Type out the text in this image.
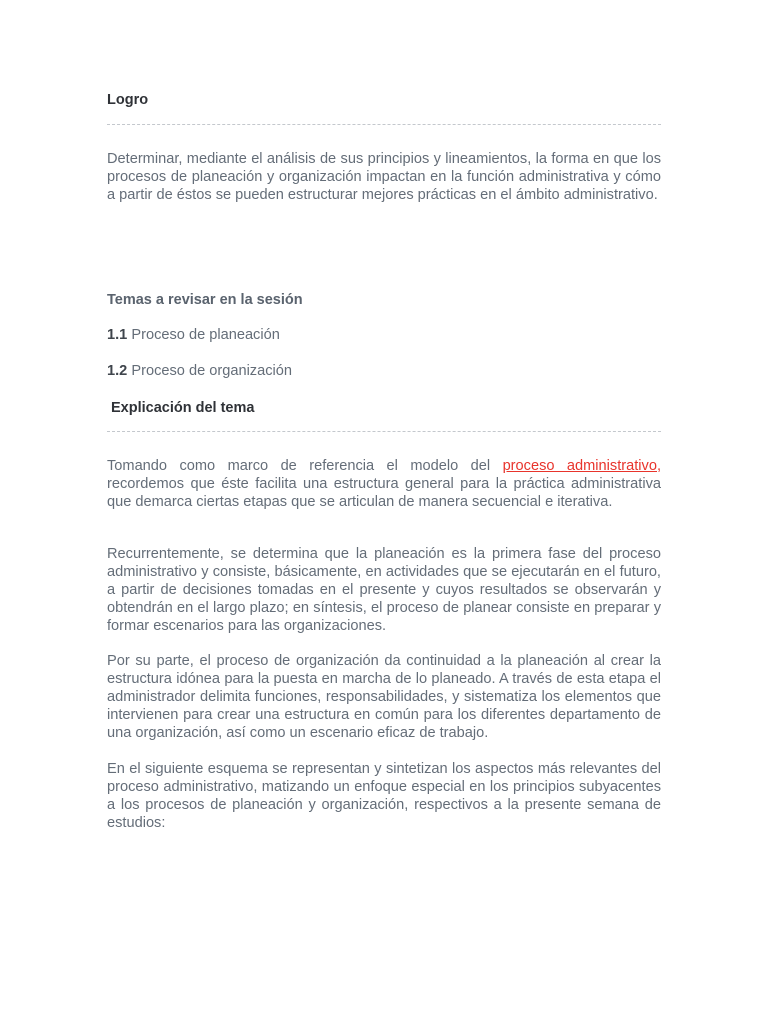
Logro

Determinar, mediante el análisis de sus principios y lineamientos, la forma en que los procesos de planeación y organización impactan en la función administrativa y cómo a partir de éstos se pueden estructurar mejores prácticas en el ámbito administrativo.

Temas a revisar en la sesión
1.1 Proceso de planeación
1.2 Proceso de organización
Explicación del tema

Tomando como marco de referencia el modelo del proceso administrativo, recordemos que éste facilita una estructura general para la práctica administrativa que demarca ciertas etapas que se articulan de manera secuencial e iterativa.

Recurrentemente, se determina que la planeación es la primera fase del proceso administrativo y consiste, básicamente, en actividades que se ejecutarán en el futuro, a partir de decisiones tomadas en el presente y cuyos resultados se observarán y obtendrán en el largo plazo; en síntesis, el proceso de planear consiste en preparar y formar escenarios para las organizaciones.

Por su parte, el proceso de organización da continuidad a la planeación al crear la estructura idónea para la puesta en marcha de lo planeado. A través de esta etapa el administrador delimita funciones, responsabilidades, y sistematiza los elementos que intervienen para crear una estructura en común para los diferentes departamento de una organización, así como un escenario eficaz de trabajo.

En el siguiente esquema se representan y sintetizan los aspectos más relevantes del proceso administrativo, matizando un enfoque especial en los principios subyacentes a los procesos de planeación y organización, respectivos a la presente semana de estudios:
